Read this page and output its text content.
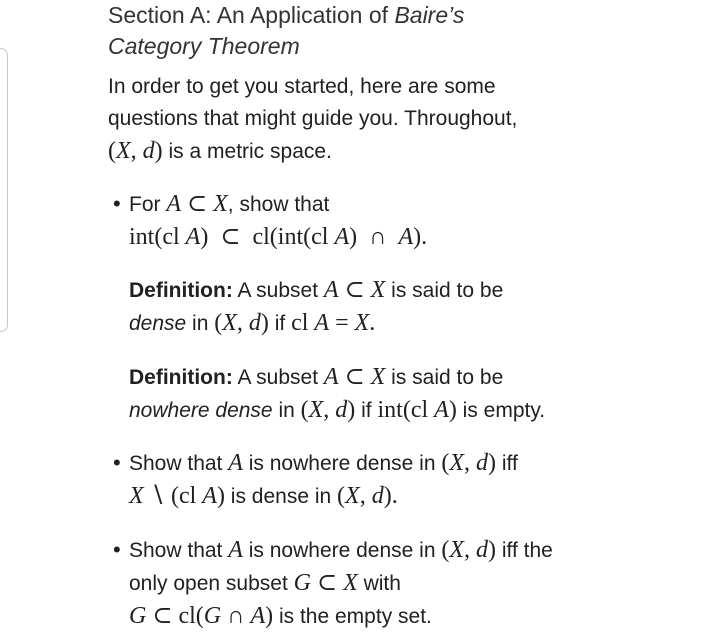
Section A: An Application of Baire’s Category Theorem
In order to get you started, here are some
questions that might guide you. Throughout,
(X, d) is a metric space.
• For A ⊂ X, show that
int(cl A)  ⊂ cl(int(cl A)  ∩ A).
Definition: A subset A ⊂ X is said to be
dense in (X, d) if cl A = X.
Definition: A subset A ⊂ X is said to be
nowhere dense in (X, d) if int(cl A) is empty.
• Show that A is nowhere dense in (X, d) iff
X ∖ (cl A) is dense in (X, d).
• Show that A is nowhere dense in (X, d) iff the
only open subset G ⊂ X with
G ⊂ cl(G ∩ A) is the empty set.
